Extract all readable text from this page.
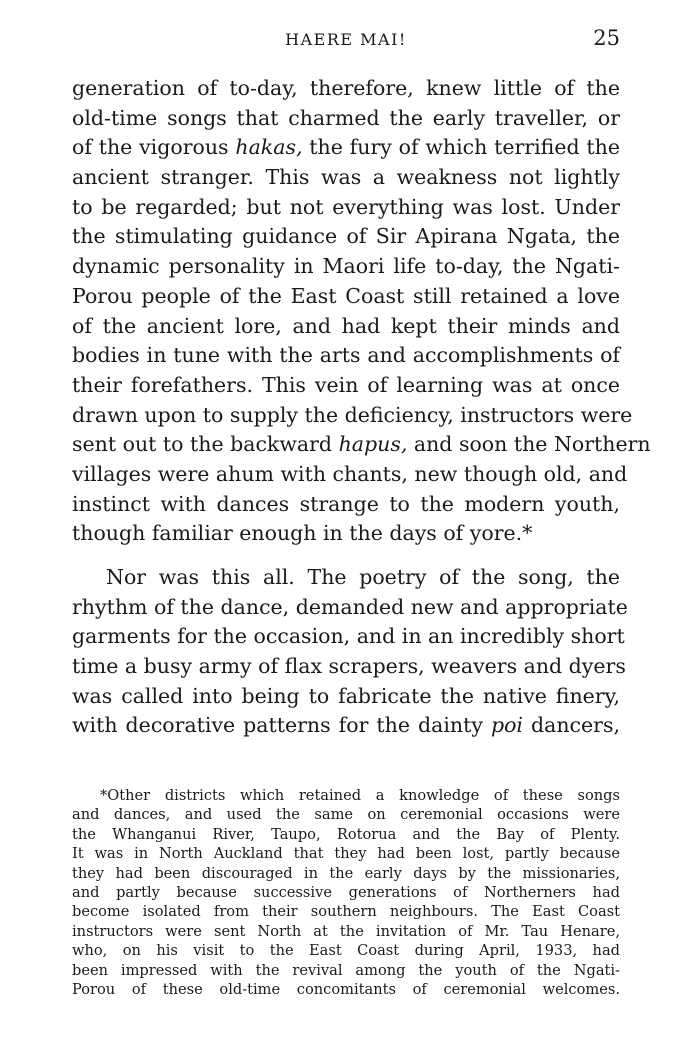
HAERE MAI!	25
generation of to-day, therefore, knew little of the
old-time songs that charmed the early traveller, or
of the vigorous hakas, the fury of which terrified the
ancient stranger. This was a weakness not lightly
to be regarded; but not everything was lost. Under
the stimulating guidance of Sir Apirana Ngata, the
dynamic personality in Maori life to-day, the Ngati-
Porou people of the East Coast still retained a love
of the ancient lore, and had kept their minds and
bodies in tune with the arts and accomplishments of
their forefathers. This vein of learning was at once
drawn upon to supply the deficiency, instructors were
sent out to the backward hapus, and soon the Northern
villages were ahum with chants, new though old, and
instinct with dances strange to the modern youth,
though familiar enough in the days of yore.*
Nor was this all. The poetry of the song, the
rhythm of the dance, demanded new and appropriate
garments for the occasion, and in an incredibly short
time a busy army of flax scrapers, weavers and dyers
was called into being to fabricate the native finery,
with decorative patterns for the dainty poi dancers,
*Other districts which retained a knowledge of these songs
and dances, and used the same on ceremonial occasions were
the Whanganui River, Taupo, Rotorua and the Bay of Plenty.
It was in North Auckland that they had been lost, partly because
they had been discouraged in the early days by the missionaries,
and partly because successive generations of Northerners had
become isolated from their southern neighbours. The East Coast
instructors were sent North at the invitation of Mr. Tau Henare,
who, on his visit to the East Coast during April, 1933, had
been impressed with the revival among the youth of the Ngati-
Porou of these old-time concomitants of ceremonial welcomes.
